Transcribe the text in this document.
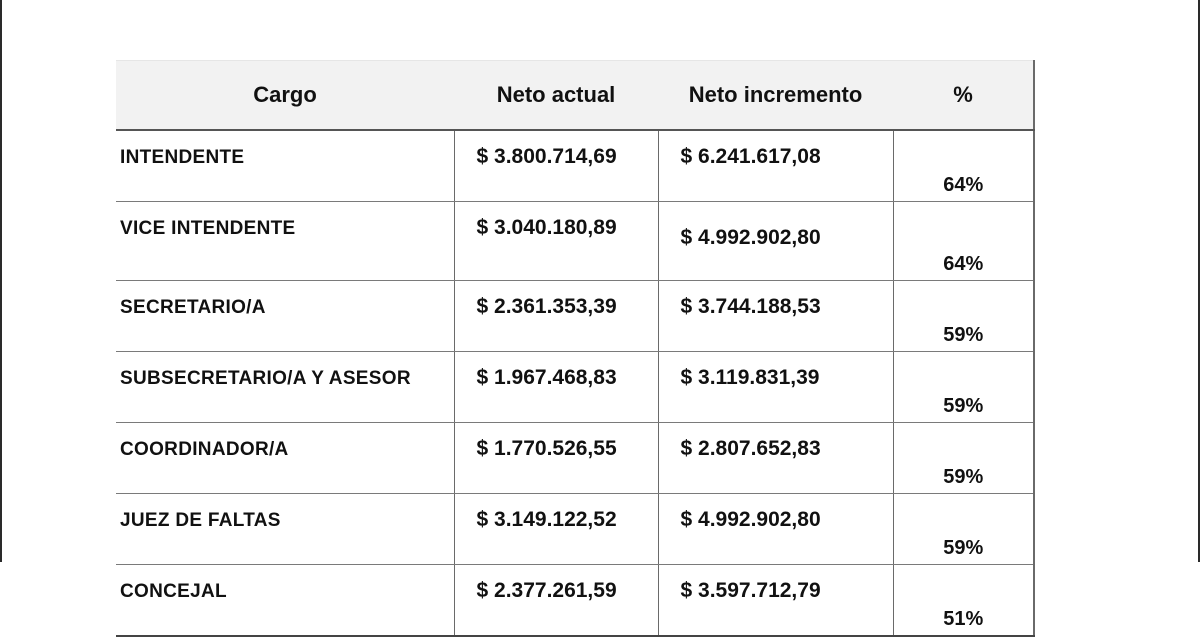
Cargo	Neto actual	Neto incremento	%
INTENDENTE	$ 3.800.714,69	$ 6.241.617,08	64%
VICE INTENDENTE	$ 3.040.180,89	$ 4.992.902,80	64%
SECRETARIO/A	$ 2.361.353,39	$ 3.744.188,53	59%
SUBSECRETARIO/A Y ASESOR	$ 1.967.468,83	$ 3.119.831,39	59%
COORDINADOR/A	$ 1.770.526,55	$ 2.807.652,83	59%
JUEZ DE FALTAS	$ 3.149.122,52	$ 4.992.902,80	59%
CONCEJAL	$ 2.377.261,59	$ 3.597.712,79	51%
